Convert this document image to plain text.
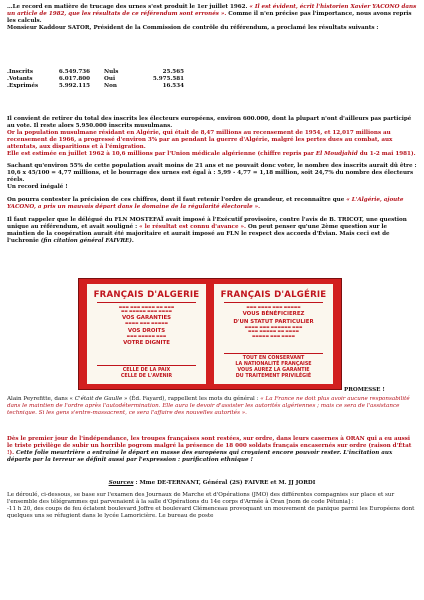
…Le record en matière de trucage des urnes s'est produit le 1er juillet 1962. « Il est évident, écrit l'historien Xavier YACONO dans un article de 1982, que les résultats de ce référendum sont erronés ». Comme il n'en précise pas l'importance, nous avons repris les calculs.

Monsieur Kaddour SATOR, Président de la Commission de contrôle du référendum, a proclamé les résultats suivants :

.Inscrits	6.549.736	Nuls	25.565
.Votants	6.017.800	Oui	5.975.581
.Exprimés	5.992.115	Non	16.534

Il convient de retirer du total des inscrits les électeurs européens, environ 600.000, dont la plupart n'ont d'ailleurs pas participé au vote. Il reste alors 5.950.000 inscrits musulmans.

Or la population musulmane résidant en Algérie, qui était de 8,47 millions au recensement de 1954, et 12,017 millions au recensement de 1966, a progressé d'environ 3% par an pendant la guerre d'Algérie, malgré les pertes dues au combat, aux attentats, aux disparitions et à l'émigration.
Elle est estimée en juillet 1962 à 10,6 millions par l'Union médicale algérienne (chiffre repris par El Moudjahid du 1-2 mai 1981).

Sachant qu'environ 55% de cette population avait moins de 21 ans et ne pouvait donc voter, le nombre des inscrits aurait dû être : 10,6 x 45/100 = 4,77 millions, et le bourrage des urnes est égal à : 5,99 - 4,77 = 1,18 million, soit 24,7% du nombre des électeurs réels.
Un record inégalé !

On pourra contester la précision de ces chiffres, dont il faut retenir l'ordre de grandeur, et reconnaître que « L'Algérie, ajoute YACONO, a pris un mauvais départ dans le domaine de la régularité électorale ».

Il faut rappeler que le délégué du FLN MOSTEFAÏ avait imposé à l'Exécutif provisoire, contre l'avis de B. TRICOT, une question unique au référendum, et avait souligné : « le résultat est connu d'avance ». On peut penser qu'une 2ème question sur le maintien de la coopération aurait été majoritaire et aurait imposé au FLN le respect des accords d'Évian. Mais ceci est de l'uchronie (fin citation général FAIVRE).

FRANÇAIS D'ALGERIE
▬▬▬ ▬▬▬ ▬▬▬▬ ▬▬ ▬▬▬
▬▬ ▬▬▬▬▬ ▬▬▬ ▬▬▬▬
VOS GARANTIES
▬▬▬▬ ▬▬▬ ▬▬▬▬▬
VOS DROITS
▬▬▬ ▬▬▬▬▬ ▬▬▬
VOTRE DIGNITE
CELLE DE LA PAIX
CELLE DE L'AVENIR
FRANÇAIS D'ALGÉRIE
▬▬▬ ▬▬▬▬ ▬▬▬ ▬▬▬▬▬
VOUS BÉNÉFICIEREZ
D'UN STATUT PARTICULIER
▬▬▬▬ ▬▬▬ ▬▬▬▬▬▬ ▬▬▬
▬▬▬ ▬▬▬▬▬ ▬▬ ▬▬▬▬
▬▬▬▬▬ ▬▬▬ ▬▬▬▬
TOUT EN CONSERVANT
LA NATIONALITÉ FRANÇAISE
VOUS AUREZ LA GARANTIE
DU TRAITEMENT PRIVILÉGIÉ
PROMESSE !

Alain Peyrefitte, dans « C'était de Gaulle » (Éd. Fayard), rappellent les mots du général : « La France ne doit plus avoir aucune responsabilité dans le maintien de l'ordre après l'autodétermination. Elle aura le devoir d'assister les autorités algériennes ; mais ce sera de l'assistance technique. Si les gens s'entre-massacrent, ce sera l'affaire des nouvelles autorités ».

Dès le premier jour de l'indépendance, les troupes françaises sont restées, sur ordre, dans leurs casernes à ORAN qui a eu aussi le triste privilège de subir un horrible pogrom malgré la présence de 18 000 soldats français encasernés sur ordre (raison d'État !). Cette folie meurtrière a entraîné le départ en masse des européens qui croyaient encore pouvoir rester. L'incitation aux départs par la terreur se définit aussi par l'expression : purification ethnique !

Sources : Mme DE-TERNANT, Général (2S) FAIVRE et M. JJ JORDI

Le déroulé, ci-dessous, se base sur l'examen des Journaux de Marche et d'Opérations (JMO) des différentes compagnies sur place et sur l'ensemble des télégrammes qui parvenaient à la salle d'Opérations du 14e corps d'Armée à Oran [nom de code Pétunia] :

-11 h 20, des coups de feu éclatent boulevard Joffre et boulevard Clémenceau provoquant un mouvement de panique parmi les Européens dont quelques uns se réfugient dans le lycée Lamoricière. Le bureau de poste
